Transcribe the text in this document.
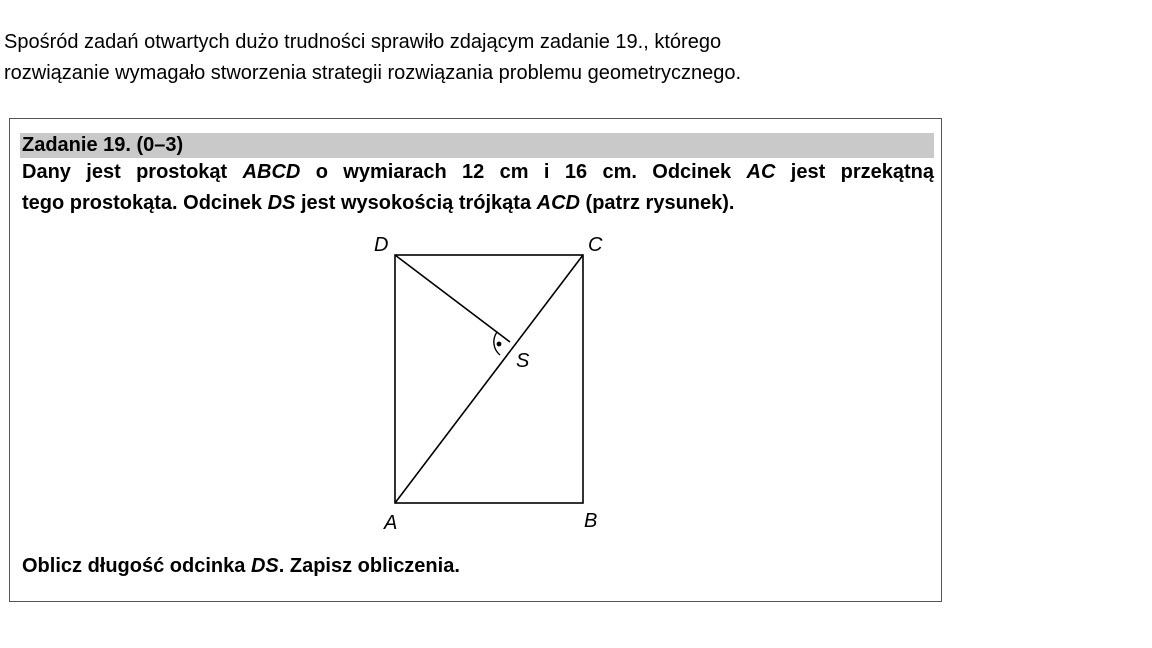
Spośród zadań otwartych dużo trudności sprawiło zdającym zadanie 19., którego

rozwiązanie wymagało stworzenia strategii rozwiązania problemu geometrycznego.

Zadanie 19. (0–3)

Dany jest prostokąt ABCD o wymiarach 12 cm i 16 cm. Odcinek AC jest przekątną

tego prostokąta. Odcinek DS jest wysokością trójkąta ACD (patrz rysunek).

D	C
A	B
S
Oblicz długość odcinka DS. Zapisz obliczenia.
